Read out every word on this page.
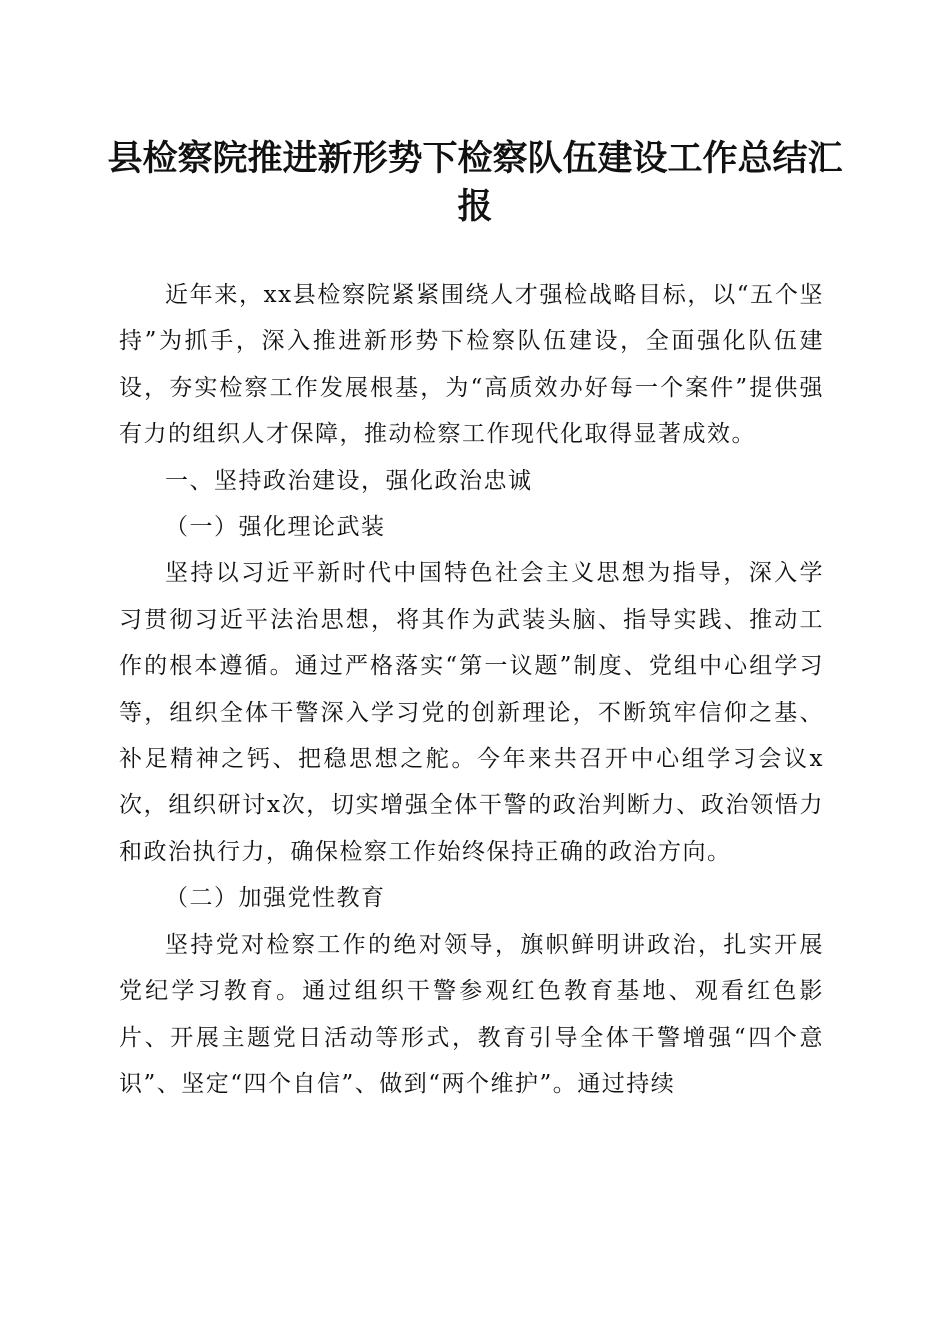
县检察院推进新形势下检察队伍建设工作总结汇报

近年来，xx县检察院紧紧围绕人才强检战略目标，以“五个坚持”为抓手，深入推进新形势下检察队伍建设，全面强化队伍建设，夯实检察工作发展根基，为“高质效办好每一个案件”提供强有力的组织人才保障，推动检察工作现代化取得显著成效。

一、坚持政治建设，强化政治忠诚

（一）强化理论武装

坚持以习近平新时代中国特色社会主义思想为指导，深入学习贯彻习近平法治思想，将其作为武装头脑、指导实践、推动工作的根本遵循。通过严格落实“第一议题”制度、党组中心组学习等，组织全体干警深入学习党的创新理论，不断筑牢信仰之基、补足精神之钙、把稳思想之舵。今年来共召开中心组学习会议x次，组织研讨x次，切实增强全体干警的政治判断力、政治领悟力和政治执行力，确保检察工作始终保持正确的政治方向。

（二）加强党性教育

坚持党对检察工作的绝对领导，旗帜鲜明讲政治，扎实开展党纪学习教育。通过组织干警参观红色教育基地、观看红色影片、开展主题党日活动等形式，教育引导全体干警增强“四个意识”、坚定“四个自信”、做到“两个维护”。通过持续
